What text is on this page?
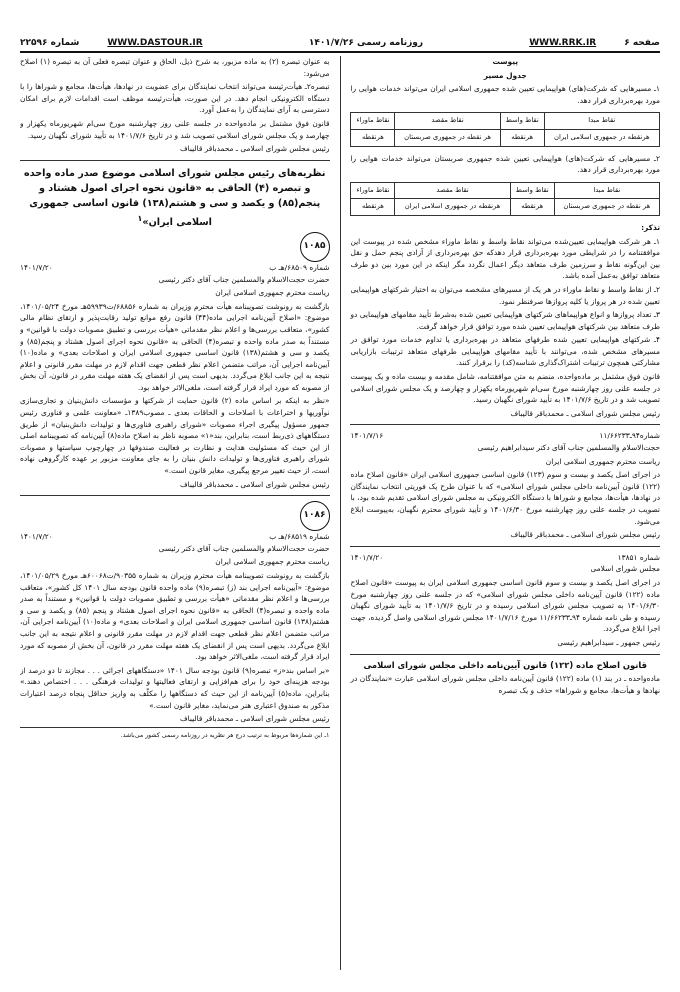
شماره ۲۲۵۹۶	WWW.DASTOUR.IR	روزنامه رسمی ۱۴۰۱/۷/۲۶	WWW.RRK.IR	صفحه ۶

پیوست

جدول مسیر

۱ـ مسیرهایی که شرکت(های) هواپیمایی تعیین شده جمهوری اسلامی ایران می‌تواند خدمات هوایی را مورد بهره‌برداری قرار دهد.

نقاط مبدا	نقاط واسط	نقاط مقصد	نقاط ماوراء
هرنقطه در جمهوری اسلامی ایران	هرنقطه	هر نقطه در جمهوری صربستان	هرنقطه

۲ـ مسیرهایی که شرکت(های) هواپیمایی تعیین شده جمهوری صربستان می‌تواند خدمات هوایی را مورد بهره‌برداری قرار دهد.

نقاط مبدا	نقاط واسط	نقاط مقصد	نقاط ماوراء
هر نقطه در جمهوری صربستان	هرنقطه	هرنقطه در جمهوری اسلامی ایران	هرنقطه

تذکر:

۱ـ هر شرکت هواپیمایی تعیین‌شده می‌تواند نقاط واسط و نقاط ماوراء مشخص شده در پیوست این موافقتنامه را در شرایطی مورد بهره‌برداری قرار دهدکه حق بهره‌برداری از آزادی پنجم حمل و نقل بین این‌گونه نقاط و سرزمین طرف متعاهد دیگر اعمال نگردد مگر اینکه در این مورد بین دو طرف متعاهد توافق به‌عمل آمده باشد.

۲ـ از نقاط واسط و نقاط ماوراء در هر یک از مسیرهای مشخصه می‌توان به اختیار شرکتهای هواپیمایی تعیین شده در هر پرواز یا کلیه پروازها صرفنظر نمود.

۳ـ تعداد پروازها و انواع هواپیماهای شرکتهای هواپیمایی تعیین شده به‌شرط تأیید مقامهای هواپیمایی دو طرف متعاهد بین شرکتهای هواپیمایی تعیین شده مورد توافق قرار خواهد گرفت.

۴ـ شرکتهای هواپیمایی تعیین شده طرفهای متعاهد در بهره‌برداری یا تداوم خدمات مورد توافق در مسیرهای مشخص شده، می‌توانند با تأیید مقامهای هواپیمایی طرفهای متعاهد ترتیبات بازاریابی مشارکتی همچون ترتیبات اشتراک‌گذاری شناسه(کد) را برقرار کنند.

قانون فوق مشتمل بر ماده‌واحده، منضم به متن موافقتنامه، شامل مقدمه و بیست ماده و یک پیوست در جلسه علنی روز چهارشنبه مورخ سی‌ام شهریورماه یکهزار و چهارصد و یک مجلس شورای اسلامی تصویب شد و در تاریخ ۱۴۰۱/۷/۶ به تأیید شورای نگهبان رسید.

رئیس مجلس شورای اسلامی ـ محمدباقر قالیباف

شماره۹۴ـ۱۱/۶۶۲۳۳
۱۴۰۱/۷/۱۶

حجت‌الاسلام والمسلمین جناب آقای دکتر سیدابراهیم رئیسی

ریاست محترم جمهوری اسلامی ایران

در اجرای اصل یکصد و بیست و سوم (۱۲۳) قانون اساسی جمهوری اسلامی ایران «قانون اصلاح ماده (۱۲۲) قانون آیین‌نامه داخلی مجلس شورای اسلامی» که با عنوان طرح یک فوریتی انتخاب نمایندگان در نهادها، هیأت‌ها، مجامع و شوراها با دستگاه الکترونیکی به مجلس شورای اسلامی تقدیم شده بود، با تصویب در جلسه علنی روز چهارشنبه مورخ ۱۴۰۱/۶/۳۰ و تأیید شورای محترم نگهبان، به‌پیوست ابلاغ می‌شود.

رئیس مجلس شورای اسلامی ـ محمدباقر قالیباف

شماره ۱۳۸۵۱
۱۴۰۱/۷/۲۰

مجلس شورای اسلامی

در اجرای اصل یکصد و بیست و سوم قانون اساسی جمهوری اسلامی ایران به پیوست «قانون اصلاح ماده (۱۲۲) قانون آیین‌نامه داخلی مجلس شورای اسلامی» که در جلسه علنی روز چهارشنبه مورخ ۱۴۰۱/۶/۳۰ به تصویب مجلس شورای اسلامی رسیده و در تاریخ ۱۴۰۱/۷/۶ به تأیید شورای نگهبان رسیده و طی نامه شماره ۹۴ـ۱۱/۶۶۲۳۳ مورخ ۱۴۰۱/۷/۱۶ مجلس شورای اسلامی واصل گردیده، جهت اجرا ابلاغ می‌گردد.

رئیس جمهور ـ سیدابراهیم رئیسی

قانون اصلاح ماده (۱۲۲) قانون آیین‌نامه داخلی مجلس شورای اسلامی

ماده‌واحده ـ در بند (۱) ماده (۱۲۲) قانون آیین‌نامه داخلی مجلس شورای اسلامی عبارت «نمایندگان در نهادها و هیأت‌ها، مجامع و شوراها» حذف و یک تبصره

به عنوان تبصره (۲) به ماده مزبور، به شرح ذیل، الحاق و عنوان تبصره فعلی آن به تبصره (۱) اصلاح می‌شود:

تبصره۲ـ هیأت‌رئیسه می‌تواند انتخاب نمایندگان برای عضویت در نهادها، هیأت‌ها، مجامع و شوراها را با دستگاه الکترونیکی انجام دهد. در این صورت، هیأت‌رئیسه موظف است اقدامات لازم برای امکان دسترسی به آرای نمایندگان را به‌عمل آورد.

قانون فوق مشتمل بر ماده‌واحده در جلسه علنی روز چهارشنبه مورخ سی‌ام شهریورماه یکهزار و چهارصد و یک مجلس شورای اسلامی تصویب شد و در تاریخ ۱۴۰۱/۷/۶ به تأیید شورای نگهبان رسید.

رئیس مجلس شورای اسلامی ـ محمدباقر قالیباف

نظریه‌های رئیس مجلس شورای اسلامی موضوع صدر ماده واحده و تبصره (۴) الحاقی به «قانون نحوه اجرای اصول هشتاد و پنجم(۸۵) و یکصد و سی و هشتم(۱۳۸) قانون اساسی جمهوری اسلامی ایران»$^۱$

۱۰۸۵
شماره ۶۸۵۰۹/هـ ب
۱۴۰۱/۷/۲۰

حضرت حجت‌الاسلام والمسلمین جناب آقای دکتر رئیسی

ریاست محترم جمهوری اسلامی ایران

بازگشت به رونوشت تصویبنامه هیأت محترم وزیران به شماره ۶۸۸۵۶/ت۵۹۹۳۹هـ مورخ ۱۴۰۱/۰۵/۲۴، موضوع: «اصلاح آیین‌نامه اجرایی ماده(۴۴) قانون رفع موانع تولید رقابت‌پذیر و ارتقای نظام مالی کشور»، متعاقب بررسی‌ها و اعلام نظر مقدماتی «هیأت بررسی و تطبیق مصوبات دولت با قوانین» و مستنداً به صدر ماده واحده و تبصره(۴) الحاقی به «قانون نحوه اجرای اصول هشتاد و پنجم(۸۵) و یکصد و سی و هشتم(۱۳۸) قانون اساسی جمهوری اسلامی ایران و اصلاحات بعدی» و ماده(۱۰) آیین‌نامه اجرایی آن، مراتب متضمن اعلام نظر قطعی جهت اقدام لازم در مهلت مقرر قانونی و اعلام نتیجه به این جانب ابلاغ می‌گردد. بدیهی است پس از انقضای یک هفته مهلت مقرر در قانون، آن بخش از مصوبه که مورد ایراد قرار گرفته است، ملغی‌الاثر خواهد بود.

«نظر به اینکه بر اساس ماده (۲) قانون حمایت از شرکتها و مؤسسات دانش‌بنیان و تجاری‌سازی نوآوریها و اختراعات با اصلاحات و الحاقات بعدی ـ مصوب۱۳۸۹ـ «معاونت علمی و فناوری رئیس جمهور مسؤول پیگیری اجراء مصوبات «شورای راهبری فناوری‌ها و تولیدات دانش‌بنیان» از طریق دستگاههای ذی‌ربط است، بنابراین، بند«۱» مصوبه ناظر به اصلاح ماده(۸) آیین‌نامه که تصویبنامه اصلی از این حیث که مسئولیت هدایت و نظارت بر فعالیت صندوقها در چهارچوب سیاستها و مصوبات شورای راهبری فناوری‌ها و تولیدات دانش بنیان را به جای معاونت مزبور بر عهده کارگروهی نهاده است، از حیث تغییر مرجع پیگیری، مغایر قانون است.»

رئیس مجلس شورای اسلامی ـ محمدباقر قالیباف

۱۰۸۶
شماره ۶۸۵۱۹/هـ ب
۱۴۰۱/۷/۲۰

حضرت حجت‌الاسلام والمسلمین جناب آقای دکتر رئیسی

ریاست محترم جمهوری اسلامی ایران

بازگشت به رونوشت تصویبنامه هیأت محترم وزیران به شماره ۹۰۳۵۵/ت۶۰۰۶۸هـ مورخ ۱۴۰۱/۰۵/۲۹، موضوع: «آیین‌نامه اجرایی بند (ز) تبصره(۹) ماده واحده قانون بودجه سال ۱۴۰۱ کل کشور»، متعاقب بررسی‌ها و اعلام نظر مقدماتی «هیأت بررسی و تطبیق مصوبات دولت با قوانین» و مستنداً به صدر ماده واحده و تبصره(۴) الحاقی به «قانون نحوه اجرای اصول هشتاد و پنجم (۸۵) و یکصد و سی و هشتم(۱۳۸) قانون اساسی جمهوری اسلامی ایران و اصلاحات بعدی» و ماده(۱۰) آیین‌نامه اجرایی آن، مراتب متضمن اعلام نظر قطعی جهت اقدام لازم در مهلت مقرر قانونی و اعلام نتیجه به این جانب ابلاغ می‌گردد. بدیهی است پس از انقضای یک هفته مهلت مقرر در قانون، آن بخش از مصوبه که مورد ایراد قرار گرفته است، ملغی‌الاثر خواهد بود.

«بر اساس بند«ز» تبصره(۹) قانون بودجه سال ۱۴۰۱ «دستگاههای اجرائی . . . مجازند تا دو درصد از بودجه هزینه‌ای خود را برای هم‌افزایی و ارتقای فعالیتها و تولیدات فرهنگی . . . اختصاص دهند.» بنابراین، ماده(۵) آیین‌نامه از این حیث که دستگاهها را مکلّف به واریز حداقل پنجاه درصد اعتبارات مذکور به صندوق اعتباری هنر می‌نماید، مغایر قانون است.»

رئیس مجلس شورای اسلامی ـ محمدباقر قالیباف

۱ـ این شماره‌ها مربوط به ترتیب درج هر نظریه در روزنامه رسمی کشور می‌باشد.
